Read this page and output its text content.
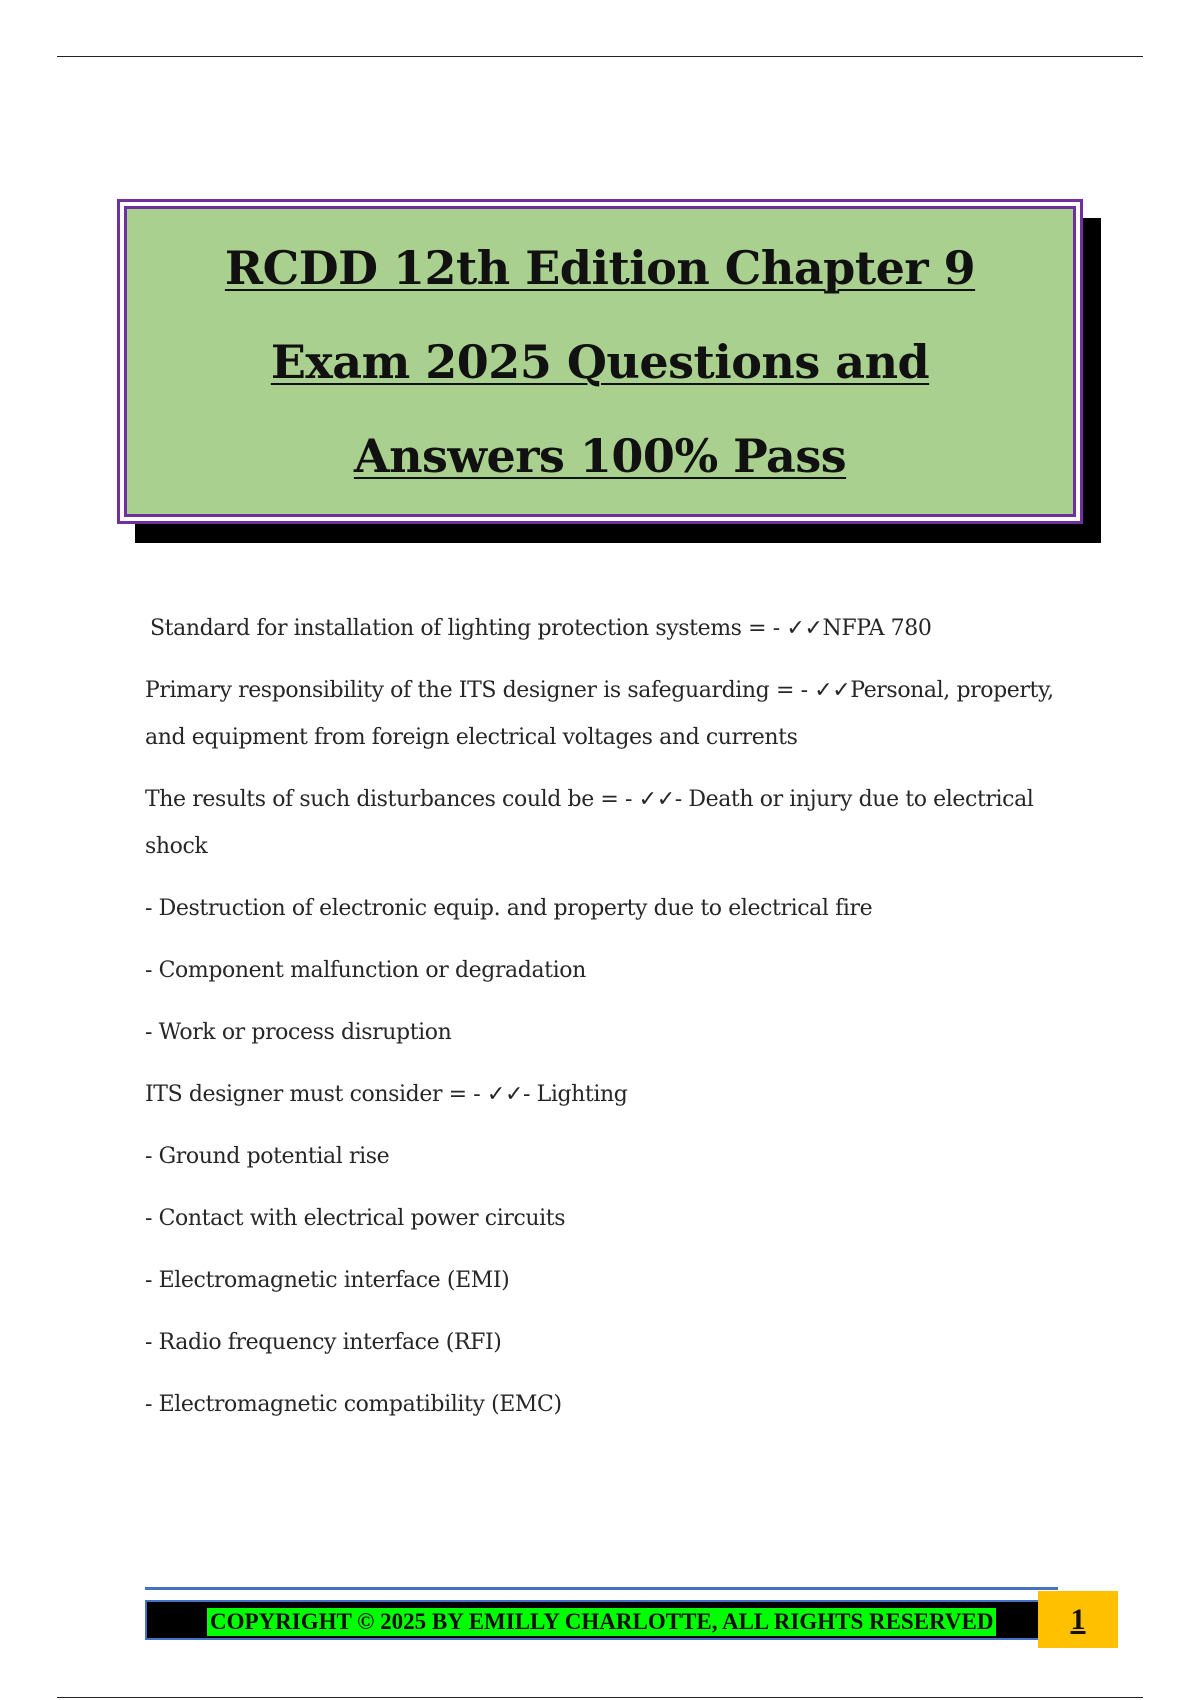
RCDD 12th Edition Chapter 9 Exam 2025 Questions and Answers 100% Pass

Standard for installation of lighting protection systems = - ✓✓NFPA 780

Primary responsibility of the ITS designer is safeguarding = - ✓✓Personal, property, and equipment from foreign electrical voltages and currents

The results of such disturbances could be = - ✓✓- Death or injury due to electrical shock

- Destruction of electronic equip. and property due to electrical fire

- Component malfunction or degradation

- Work or process disruption

ITS designer must consider = - ✓✓- Lighting

- Ground potential rise

- Contact with electrical power circuits

- Electromagnetic interface (EMI)

- Radio frequency interface (RFI)

- Electromagnetic compatibility (EMC)

COPYRIGHT © 2025 BY EMILLY CHARLOTTE, ALL RIGHTS RESERVED	1
